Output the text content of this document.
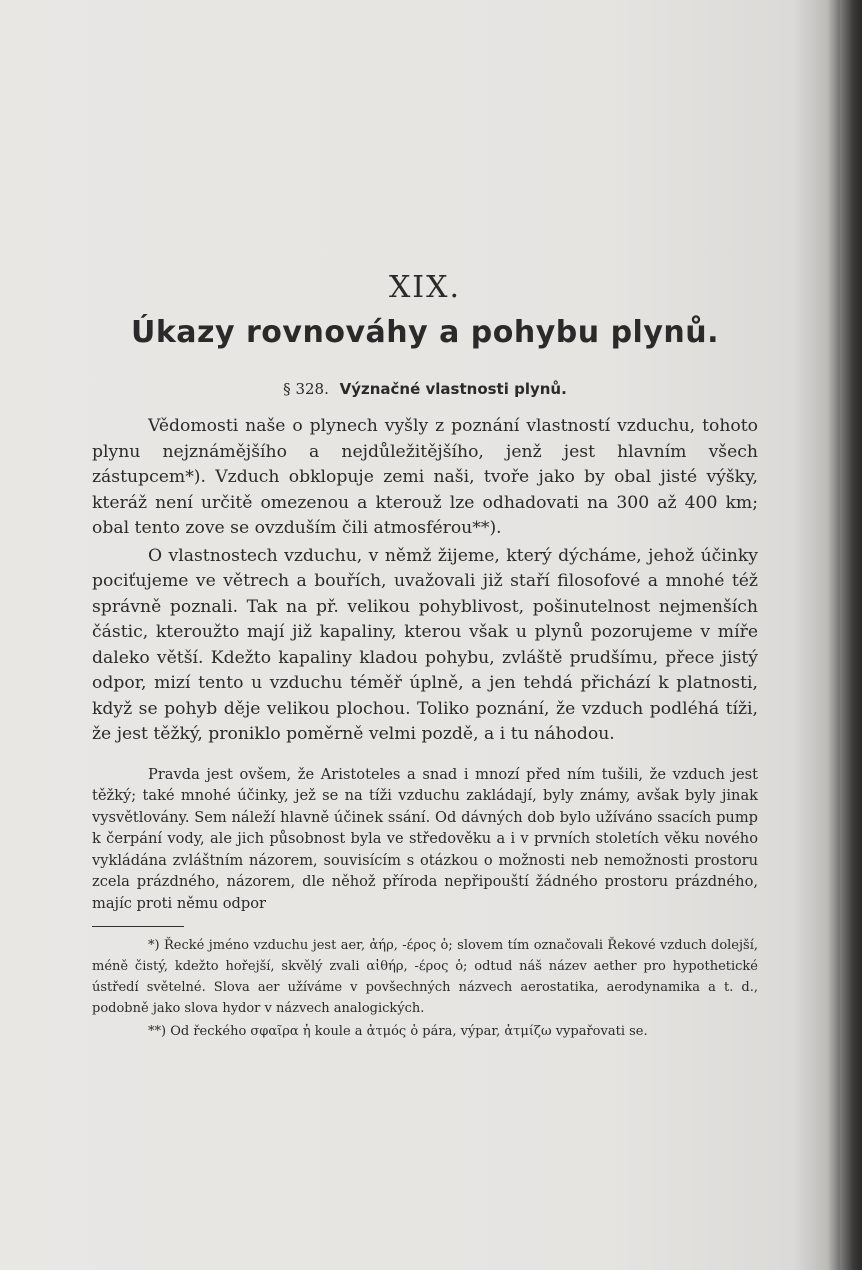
XIX.
Úkazy rovnováhy a pohybu plynů.
§ 328. Význačné vlastnosti plynů.

Vědomosti naše o plynech vyšly z poznání vlastností vzduchu, tohoto plynu nejznámějšího a nejdůležitějšího, jenž jest hlavním všech zástupcem*). Vzduch obklopuje zemi naši, tvoře jako by obal jisté výšky, kteráž není určitě omezenou a kterouž lze odhadovati na 300 až 400 km; obal tento zove se ovzduším čili atmosférou**).

O vlastnostech vzduchu, v němž žijeme, který dýcháme, jehož účinky pociťujeme ve větrech a bouřích, uvažovali již staří filosofové a mnohé též správně poznali. Tak na př. velikou pohyblivost, pošinutelnost nejmenších částic, kteroužto mají již kapaliny, kterou však u plynů pozorujeme v míře daleko větší. Kdežto kapaliny kladou pohybu, zvláště prudšímu, přece jistý odpor, mizí tento u vzduchu téměř úplně, a jen tehdá přichází k platnosti, když se pohyb děje velikou plochou. Toliko poznání, že vzduch podléhá tíži, že jest těžký, proniklo poměrně velmi pozdě, a i tu náhodou.

Pravda jest ovšem, že Aristoteles a snad i mnozí před ním tušili, že vzduch jest těžký; také mnohé účinky, jež se na tíži vzduchu zakládají, byly známy, avšak byly jinak vysvětlovány. Sem náleží hlavně účinek ssání. Od dávných dob bylo užíváno ssacích pump k čerpání vody, ale jich působnost byla ve středověku a i v prvních stoletích věku nového vykládána zvláštním názorem, souvisícím s otázkou o možnosti neb nemožnosti prostoru zcela prázdného, názorem, dle něhož příroda nepřipouští žádného prostoru prázdného, majíc proti němu odpor

*) Řecké jméno vzduchu jest aer, ἀήρ, -έρος ὁ; slovem tím označovali Řekové vzduch dolejší, méně čistý, kdežto hořejší, skvělý zvali αἰθήρ, -έρος ὁ; odtud náš název aether pro hypothetické ústředí světelné. Slova aer užíváme v povšechných názvech aerostatika, aerodynamika a t. d., podobně jako slova hydor v názvech analogických.

**) Od řeckého σφαῖρα ἡ koule a ἀτμός ὁ pára, výpar, ἀτμίζω vypařovati se.
